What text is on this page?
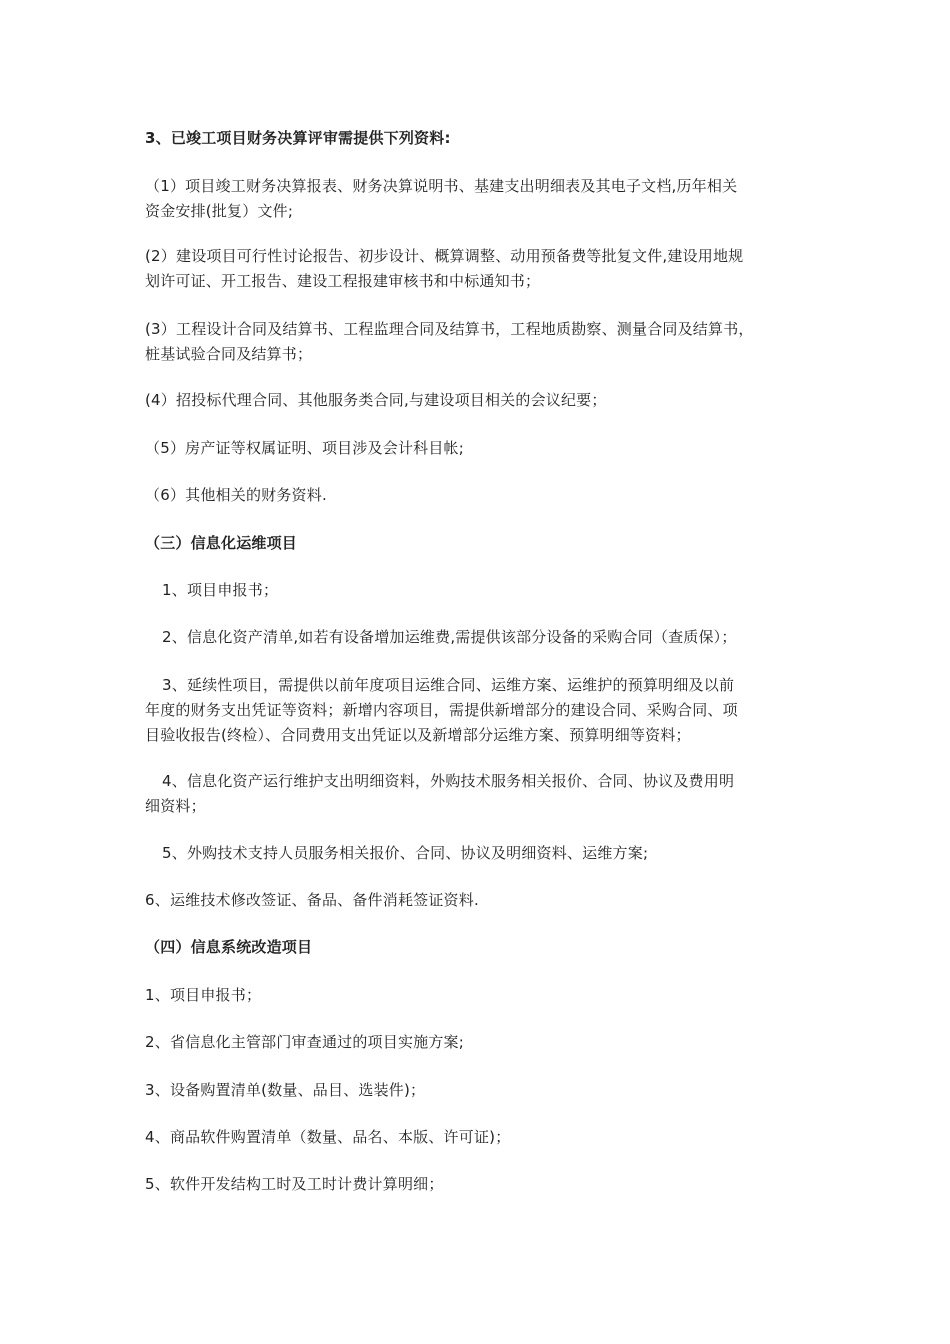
3、已竣工项目财务决算评审需提供下列资料:

（1）项目竣工财务决算报表、财务决算说明书、基建支出明细表及其电子文档,历年相关
资金安排(批复）文件;

(2）建设项目可行性讨论报告、初步设计、概算调整、动用预备费等批复文件,建设用地规
划许可证、开工报告、建设工程报建审核书和中标通知书；

(3）工程设计合同及结算书、工程监理合同及结算书，工程地质勘察、测量合同及结算书，
桩基试验合同及结算书；

(4）招投标代理合同、其他服务类合同,与建设项目相关的会议纪要；

（5）房产证等权属证明、项目涉及会计科目帐;

（6）其他相关的财务资料.

（三）信息化运维项目

1、项目申报书；

2、信息化资产清单,如若有设备增加运维费,需提供该部分设备的采购合同（查质保）；

3、延续性项目，需提供以前年度项目运维合同、运维方案、运维护的预算明细及以前
年度的财务支出凭证等资料；新增内容项目，需提供新增部分的建设合同、采购合同、项
目验收报告(终检）、合同费用支出凭证以及新增部分运维方案、预算明细等资料；

4、信息化资产运行维护支出明细资料，外购技术服务相关报价、合同、协议及费用明
细资料；

5、外购技术支持人员服务相关报价、合同、协议及明细资料、运维方案;

6、运维技术修改签证、备品、备件消耗签证资料.

（四）信息系统改造项目

1、项目申报书；

2、省信息化主管部门审查通过的项目实施方案;

3、设备购置清单(数量、品目、选装件)；

4、商品软件购置清单（数量、品名、本版、许可证)；

5、软件开发结构工时及工时计费计算明细；
